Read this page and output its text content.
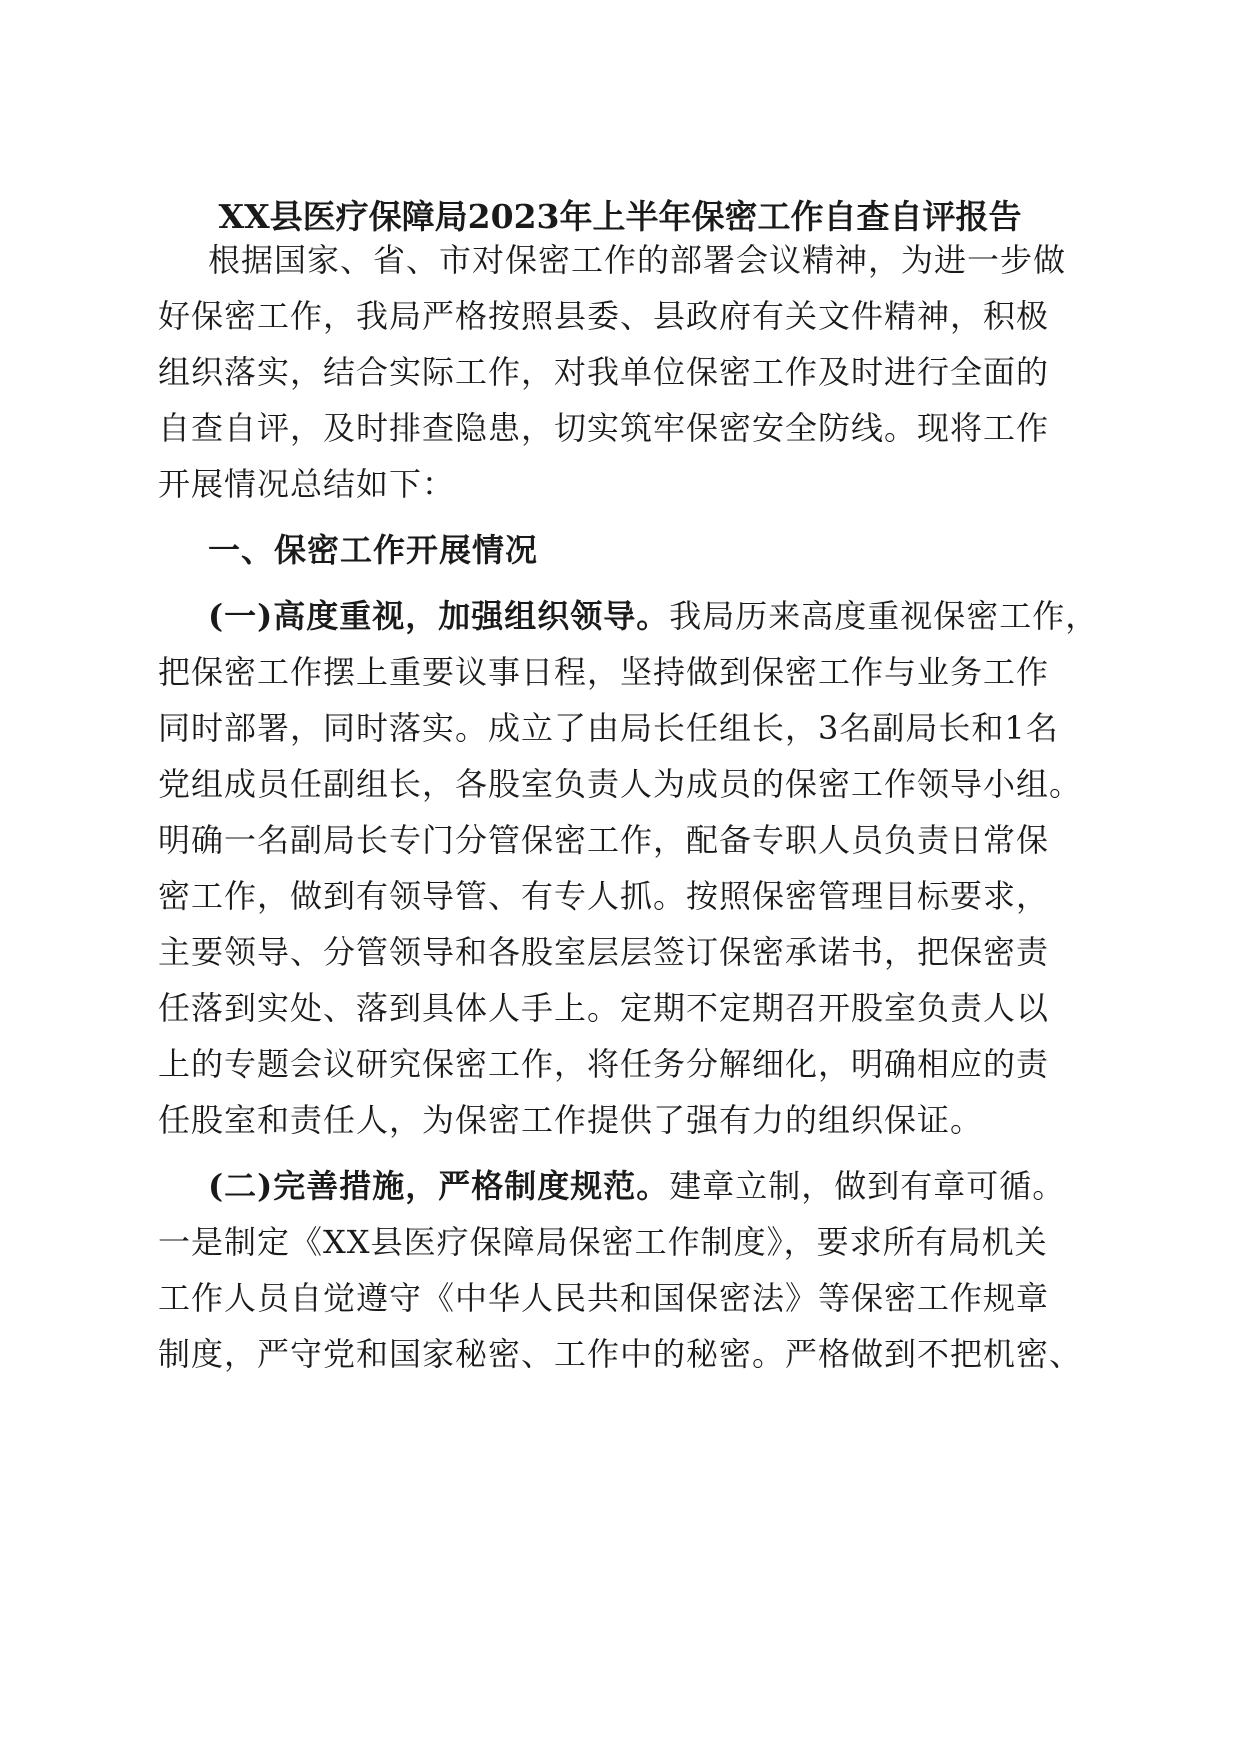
XX县医疗保障局2023年上半年保密工作自查自评报告
根据国家、省、市对保密工作的部署会议精神，为进一步做
好保密工作，我局严格按照县委、县政府有关文件精神，积极
组织落实，结合实际工作，对我单位保密工作及时进行全面的
自查自评，及时排查隐患，切实筑牢保密安全防线。现将工作
开展情况总结如下：
一、保密工作开展情况
(一)高度重视，加强组织领导。我局历来高度重视保密工作，
把保密工作摆上重要议事日程，坚持做到保密工作与业务工作
同时部署，同时落实。成立了由局长任组长，3名副局长和1名
党组成员任副组长，各股室负责人为成员的保密工作领导小组。
明确一名副局长专门分管保密工作，配备专职人员负责日常保
密工作，做到有领导管、有专人抓。按照保密管理目标要求，
主要领导、分管领导和各股室层层签订保密承诺书，把保密责
任落到实处、落到具体人手上。定期不定期召开股室负责人以
上的专题会议研究保密工作，将任务分解细化，明确相应的责
任股室和责任人，为保密工作提供了强有力的组织保证。
(二)完善措施，严格制度规范。建章立制，做到有章可循。
一是制定《XX县医疗保障局保密工作制度》，要求所有局机关
工作人员自觉遵守《中华人民共和国保密法》等保密工作规章
制度，严守党和国家秘密、工作中的秘密。严格做到不把机密、
